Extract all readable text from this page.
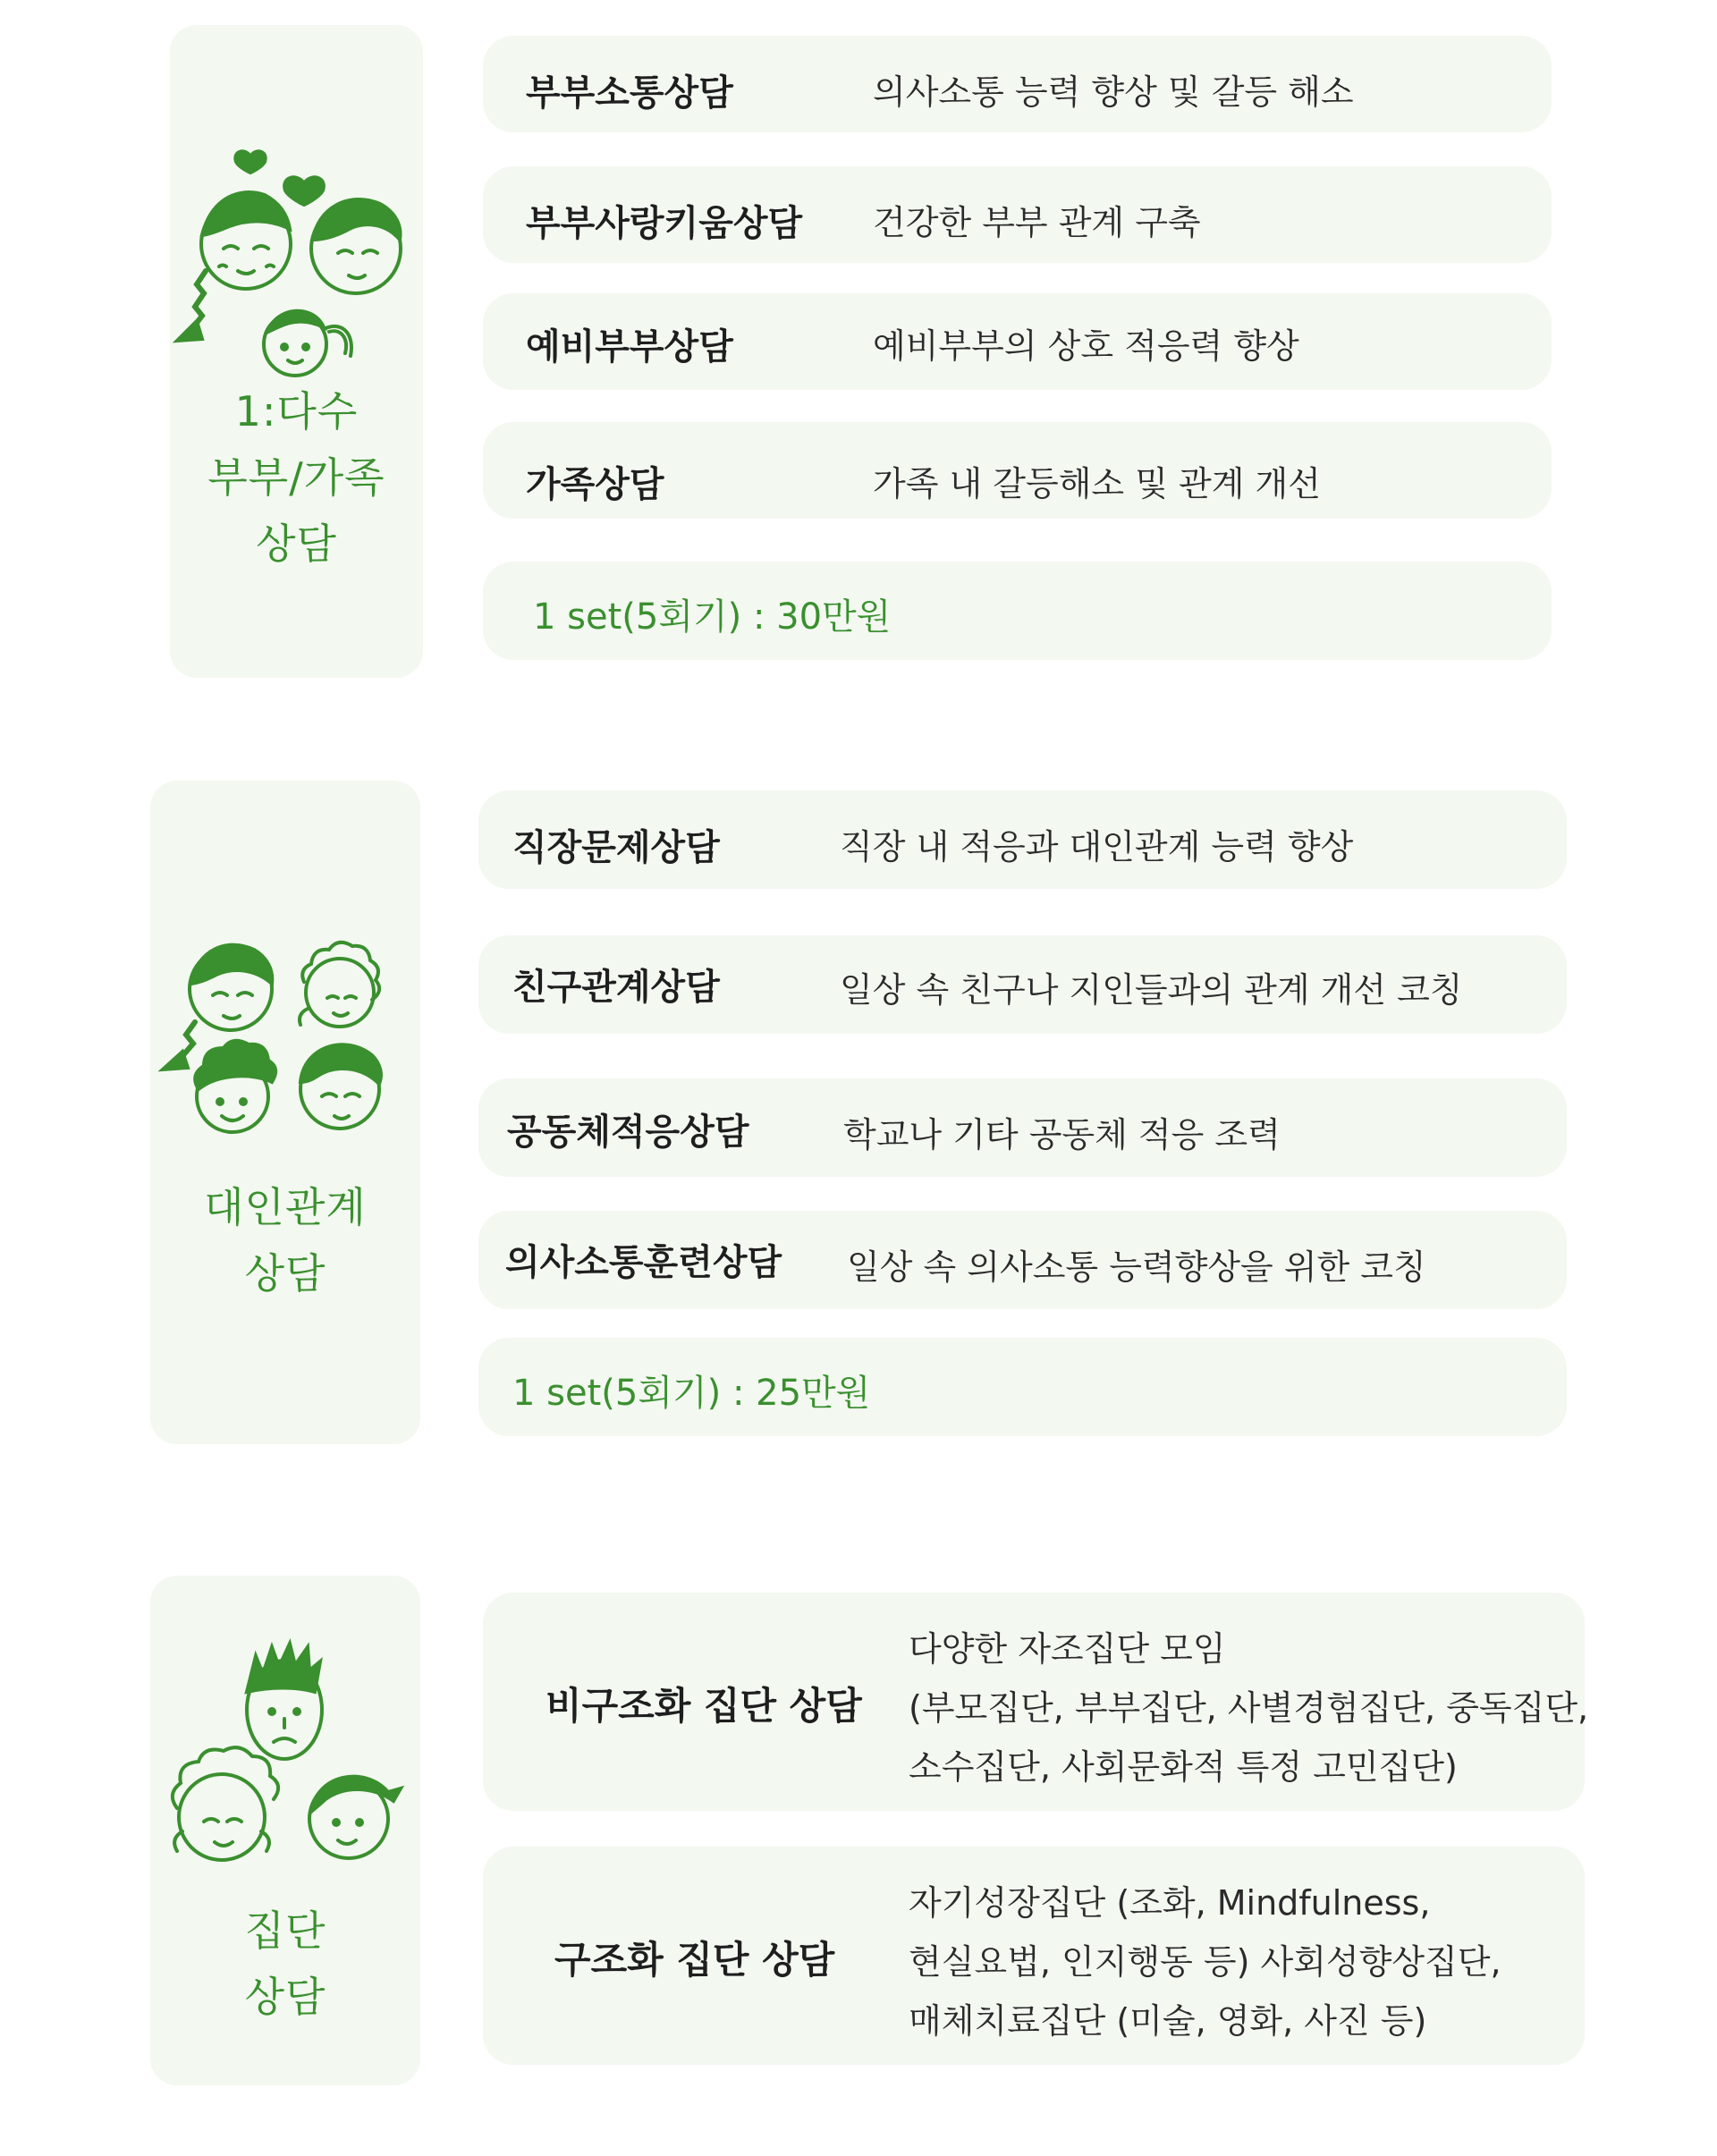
1:다수
부부/가족
상담
부부소통상담	의사소통 능력 향상 및 갈등 해소
부부사랑키움상담 건강한 부부 관계 구축
예비부부상담	예비부부의 상호 적응력 향상
가족상담	가족 내 갈등해소 및 관계 개선
1 set(5회기) : 30만원
대인관계
상담
직장문제상담	직장 내 적응과 대인관계 능력 향상
친구관계상담	일상 속 친구나 지인들과의 관계 개선 코칭
공동체적응상담	학교나 기타 공동체 적응 조력
의사소통훈련상담 일상 속 의사소통 능력향상을 위한 코칭
1 set(5회기) : 25만원
집단
상담
비구조화 집단 상담
다양한 자조집단 모임
(부모집단, 부부집단, 사별경험집단, 중독집단,
소수집단, 사회문화적 특정 고민집단)
구조화 집단 상담
자기성장집단 (조화, Mindfulness,
현실요법, 인지행동 등) 사회성향상집단,
매체치료집단 (미술, 영화, 사진 등)
